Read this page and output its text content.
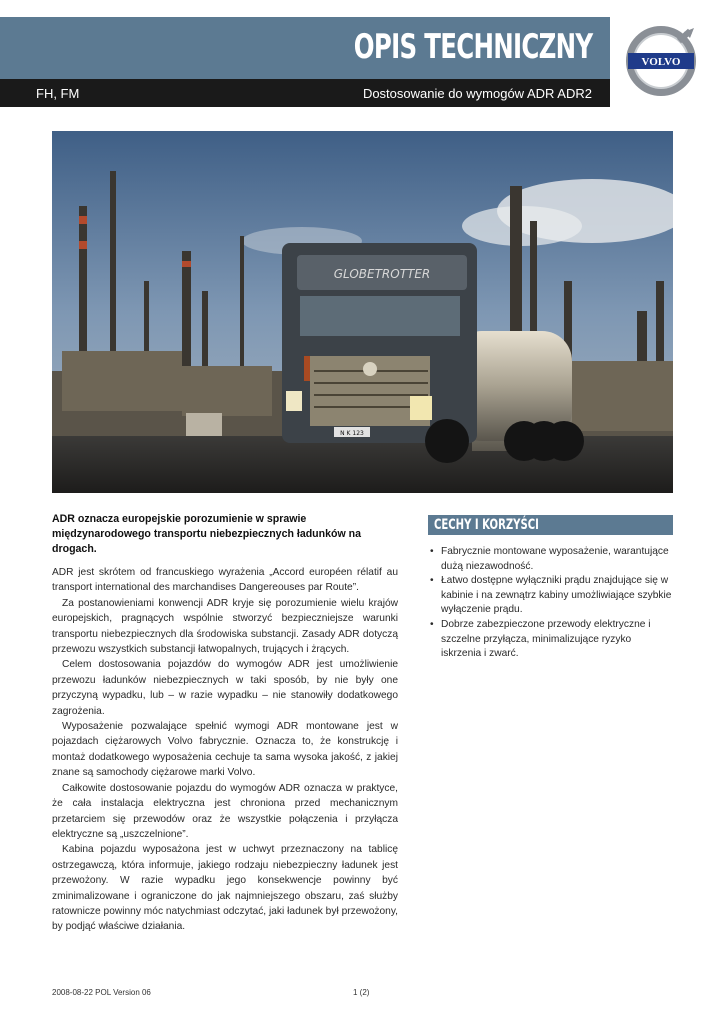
OPIS TECHNICZNY
FH, FM	Dostosowanie do wymogów ADR ADR2
VOLVO
GLOBETROTTER
N K 123

ADR oznacza europejskie porozumienie w sprawie międzynarodowego transportu niebezpiecznych ładunków na drogach.

ADR jest skrótem od francuskiego wyrażenia „Accord européen rélatif au transport international des marchandises Dangereouses par Route”.

Za postanowieniami konwencji ADR kryje się porozumienie wielu krajów europejskich, pragnących wspólnie stworzyć bezpieczniejsze warunki transportu niebezpiecznych dla środowiska substancji. Zasady ADR dotyczą przewozu wszystkich substancji łatwopalnych, trujących i żrących.

Celem dostosowania pojazdów do wymogów ADR jest umożliwienie przewozu ładunków niebezpiecznych w taki sposób, by nie były one przyczyną wypadku, lub – w razie wypadku – nie stanowiły dodatkowego zagrożenia.

Wyposażenie pozwalające spełnić wymogi ADR montowane jest w pojazdach ciężarowych Volvo fabrycznie. Oznacza to, że konstrukcję i montaż dodatkowego wyposażenia cechuje ta sama wysoka jakość, z jakiej znane są samochody ciężarowe marki Volvo.

Całkowite dostosowanie pojazdu do wymogów ADR oznacza w praktyce, że cała instalacja elektryczna jest chroniona przed mechanicznym przetarciem się przewodów oraz że wszystkie połączenia i przyłącza elektryczne są „uszczelnione”.

Kabina pojazdu wyposażona jest w uchwyt przeznaczony na tablicę ostrzegawczą, która informuje, jakiego rodzaju niebezpieczny ładunek jest przewożony. W razie wypadku jego konsekwencje powinny być zminimalizowane i ograniczone do jak najmniejszego obszaru, zaś służby ratownicze powinny móc natychmiast odczytać, jaki ładunek był przewożony, by podjąć właściwe działania.

CECHY I KORZYŚCI
• Fabrycznie montowane wyposażenie, warantujące dużą niezawodność.
• Łatwo dostępne wyłączniki prądu znajdujące się w kabinie i na zewnątrz kabiny umożliwiające szybkie wyłączenie prądu.
• Dobrze zabezpieczone przewody elektryczne i szczelne przyłącza, minimalizujące ryzyko iskrzenia i zwarć.
2008-08-22 POL Version 06	1 (2)
